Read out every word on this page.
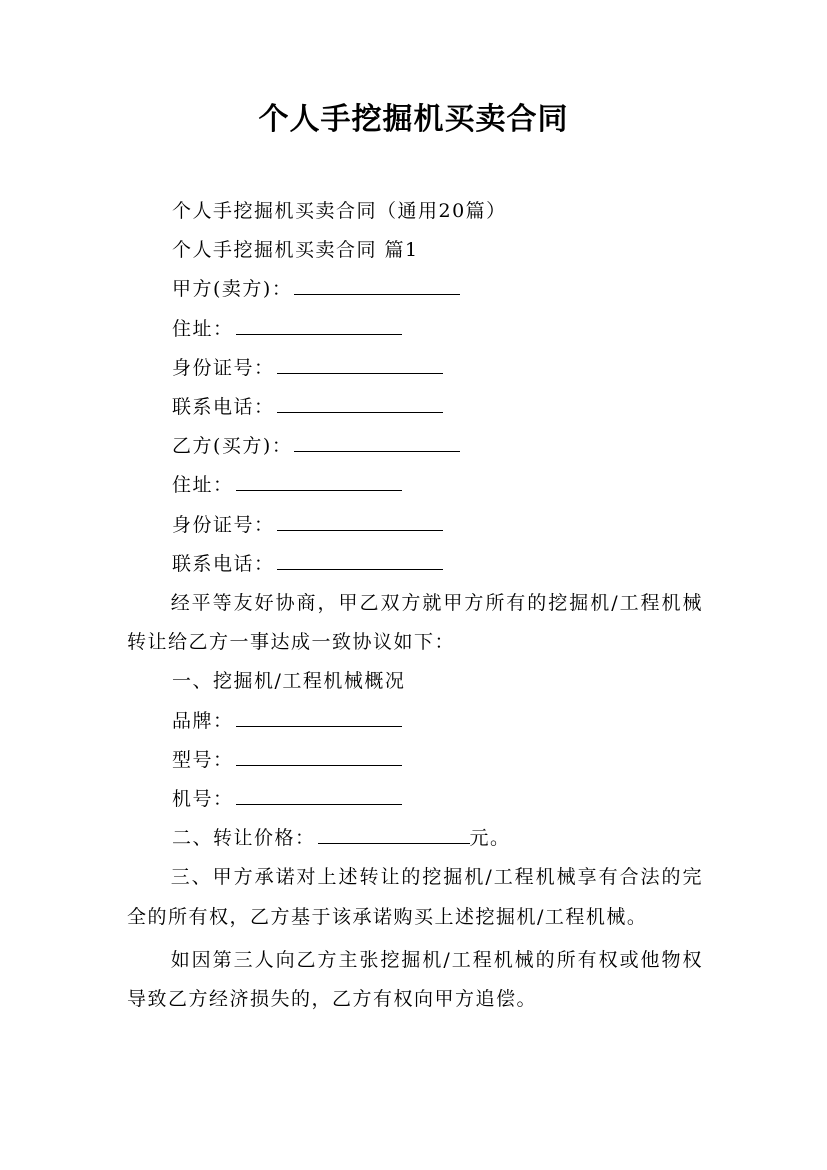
个人手挖掘机买卖合同

个人手挖掘机买卖合同（通用20篇）

个人手挖掘机买卖合同 篇1

甲方(卖方)：

住址：

身份证号：

联系电话：

乙方(买方)：

住址：

身份证号：

联系电话：

经平等友好协商，甲乙双方就甲方所有的挖掘机/工程机械转让给乙方一事达成一致协议如下：

一、挖掘机/工程机械概况

品牌：

型号：

机号：

二、转让价格：	元。

三、甲方承诺对上述转让的挖掘机/工程机械享有合法的完全的所有权，乙方基于该承诺购买上述挖掘机/工程机械。

如因第三人向乙方主张挖掘机/工程机械的所有权或他物权导致乙方经济损失的，乙方有权向甲方追偿。
